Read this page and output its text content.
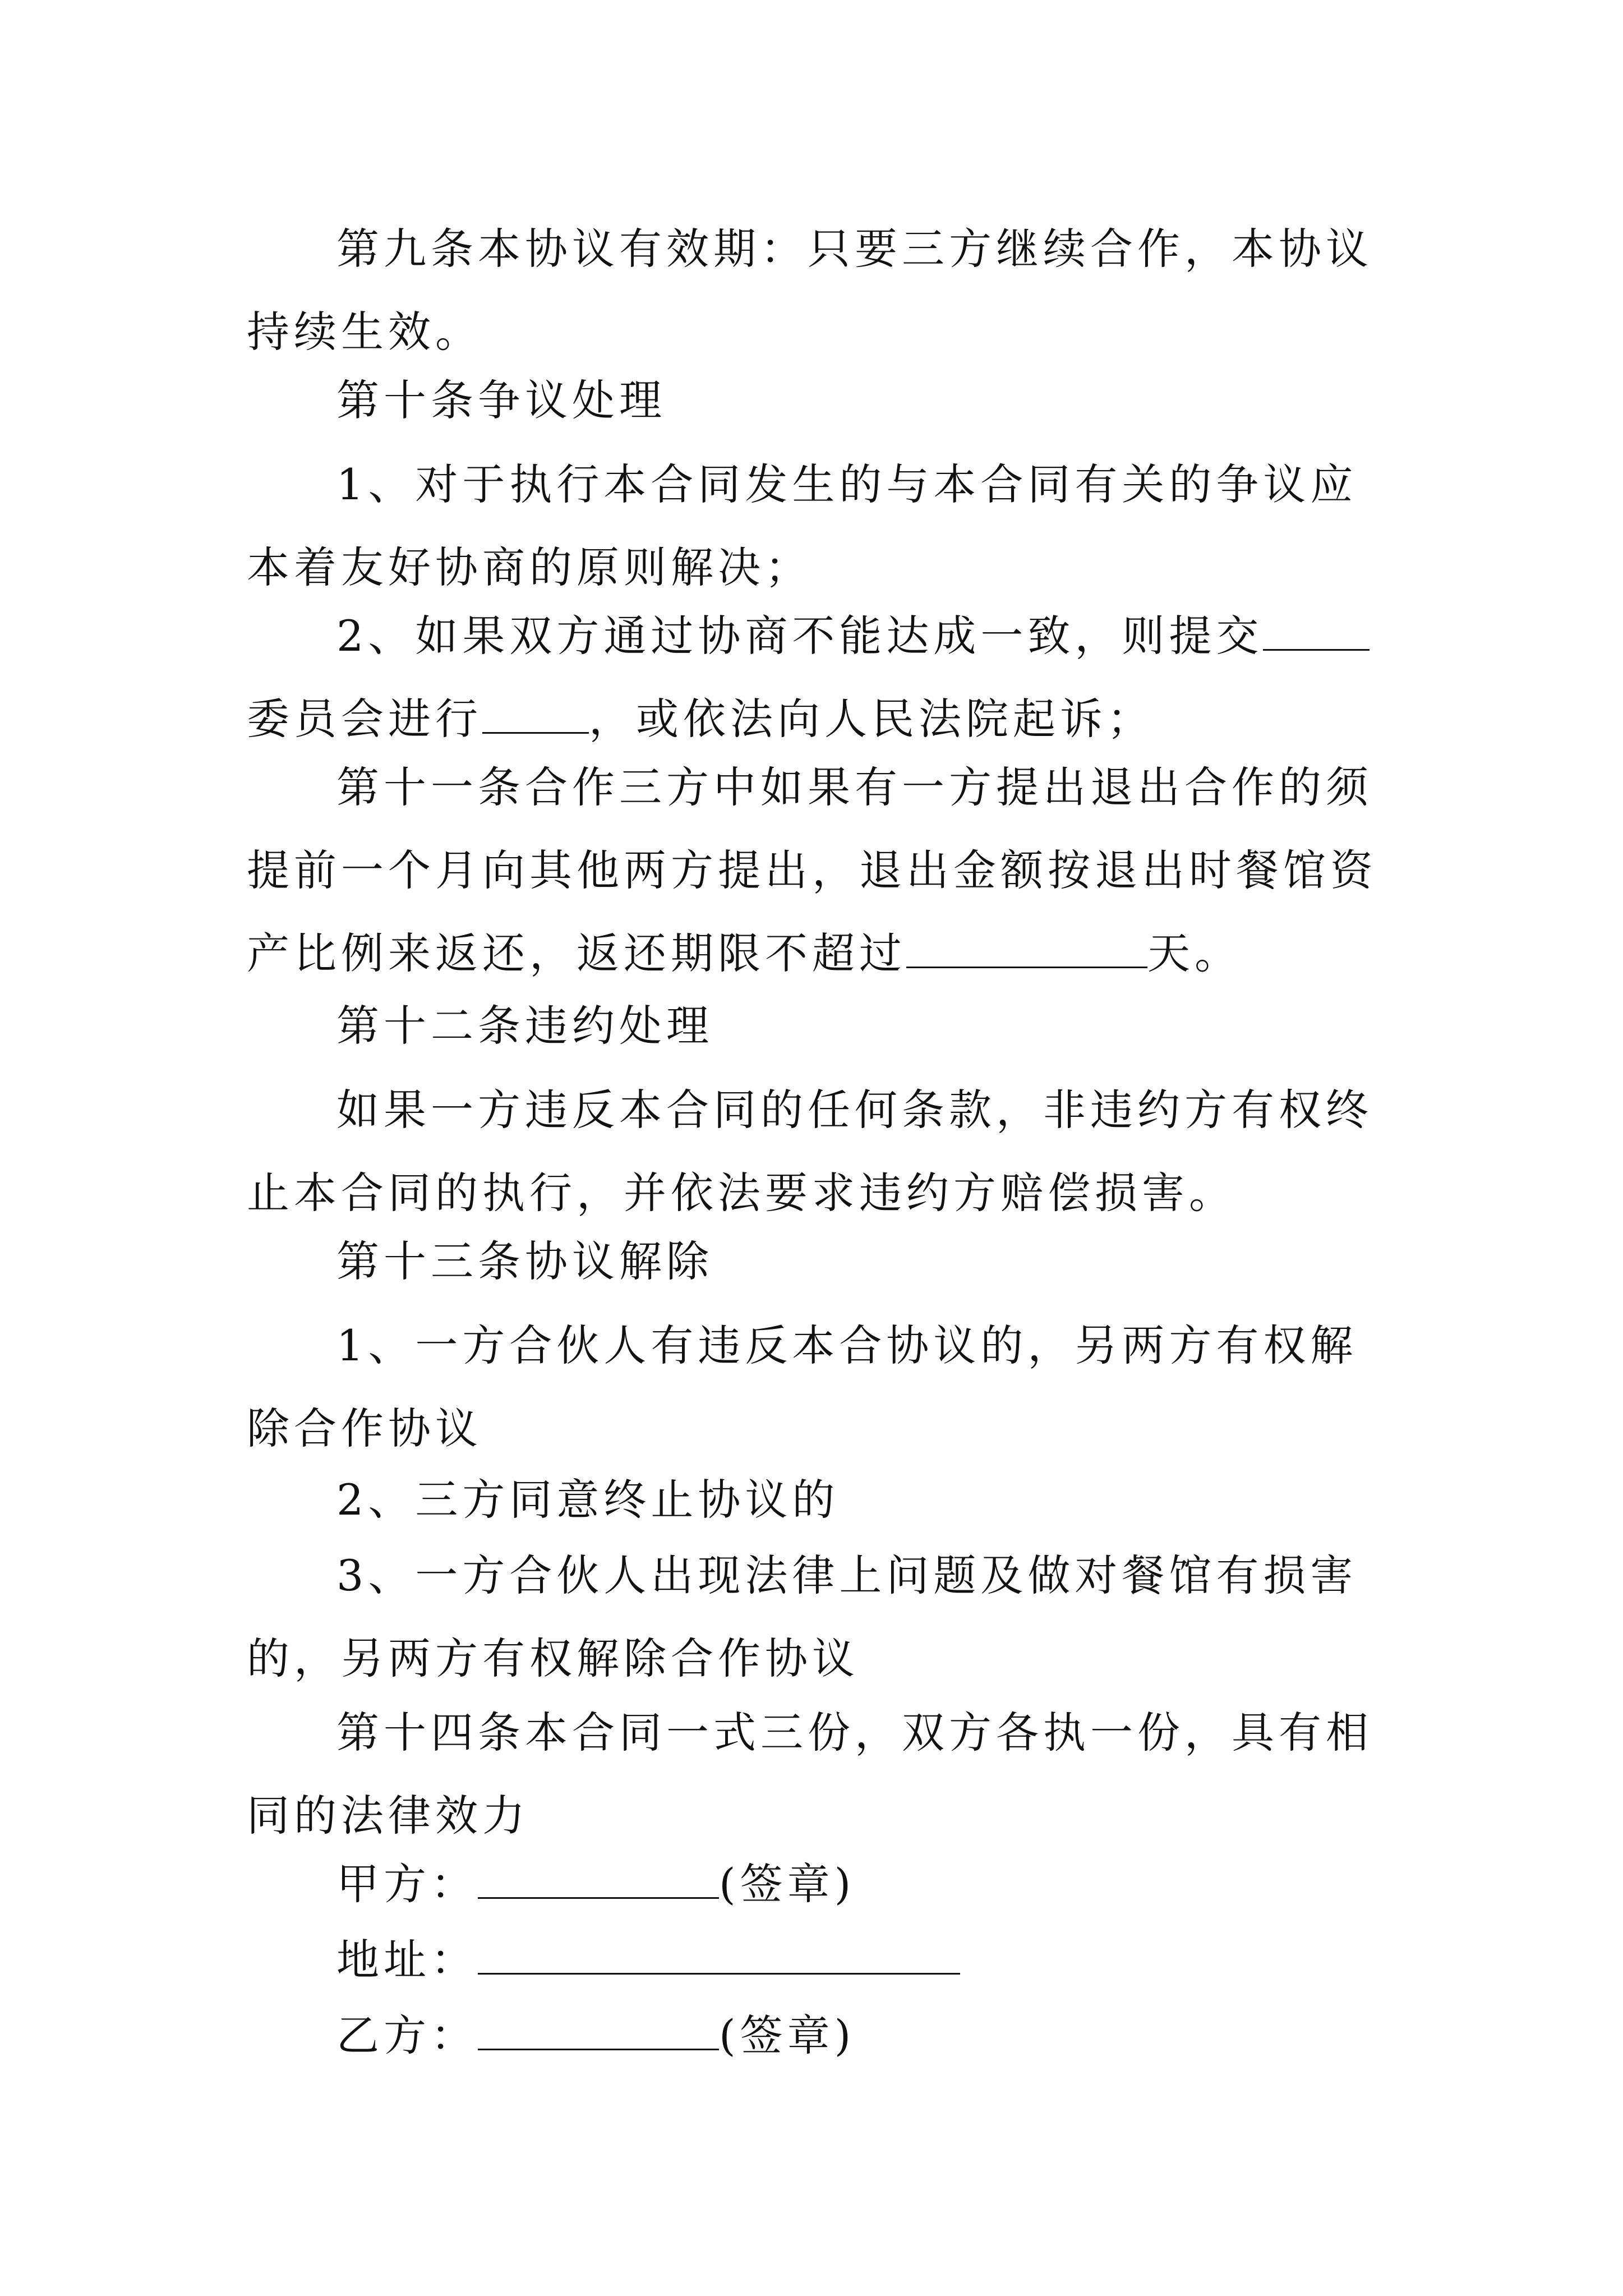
第九条本协议有效期：只要三方继续合作，本协议持续生效。

第十条争议处理

1、对于执行本合同发生的与本合同有关的争议应本着友好协商的原则解决；

2、如果双方通过协商不能达成一致，则提交委员会进行	，或依法向人民法院起诉；

第十一条合作三方中如果有一方提出退出合作的须提前一个月向其他两方提出，退出金额按退出时餐馆资产比例来返还，返还期限不超过	天。

第十二条违约处理

如果一方违反本合同的任何条款，非违约方有权终止本合同的执行，并依法要求违约方赔偿损害。

第十三条协议解除

1、一方合伙人有违反本合协议的，另两方有权解除合作协议

2、三方同意终止协议的

3、一方合伙人出现法律上问题及做对餐馆有损害的，另两方有权解除合作协议

第十四条本合同一式三份，双方各执一份，具有相同的法律效力

甲方：	(签章)

地址：

乙方：	(签章)
